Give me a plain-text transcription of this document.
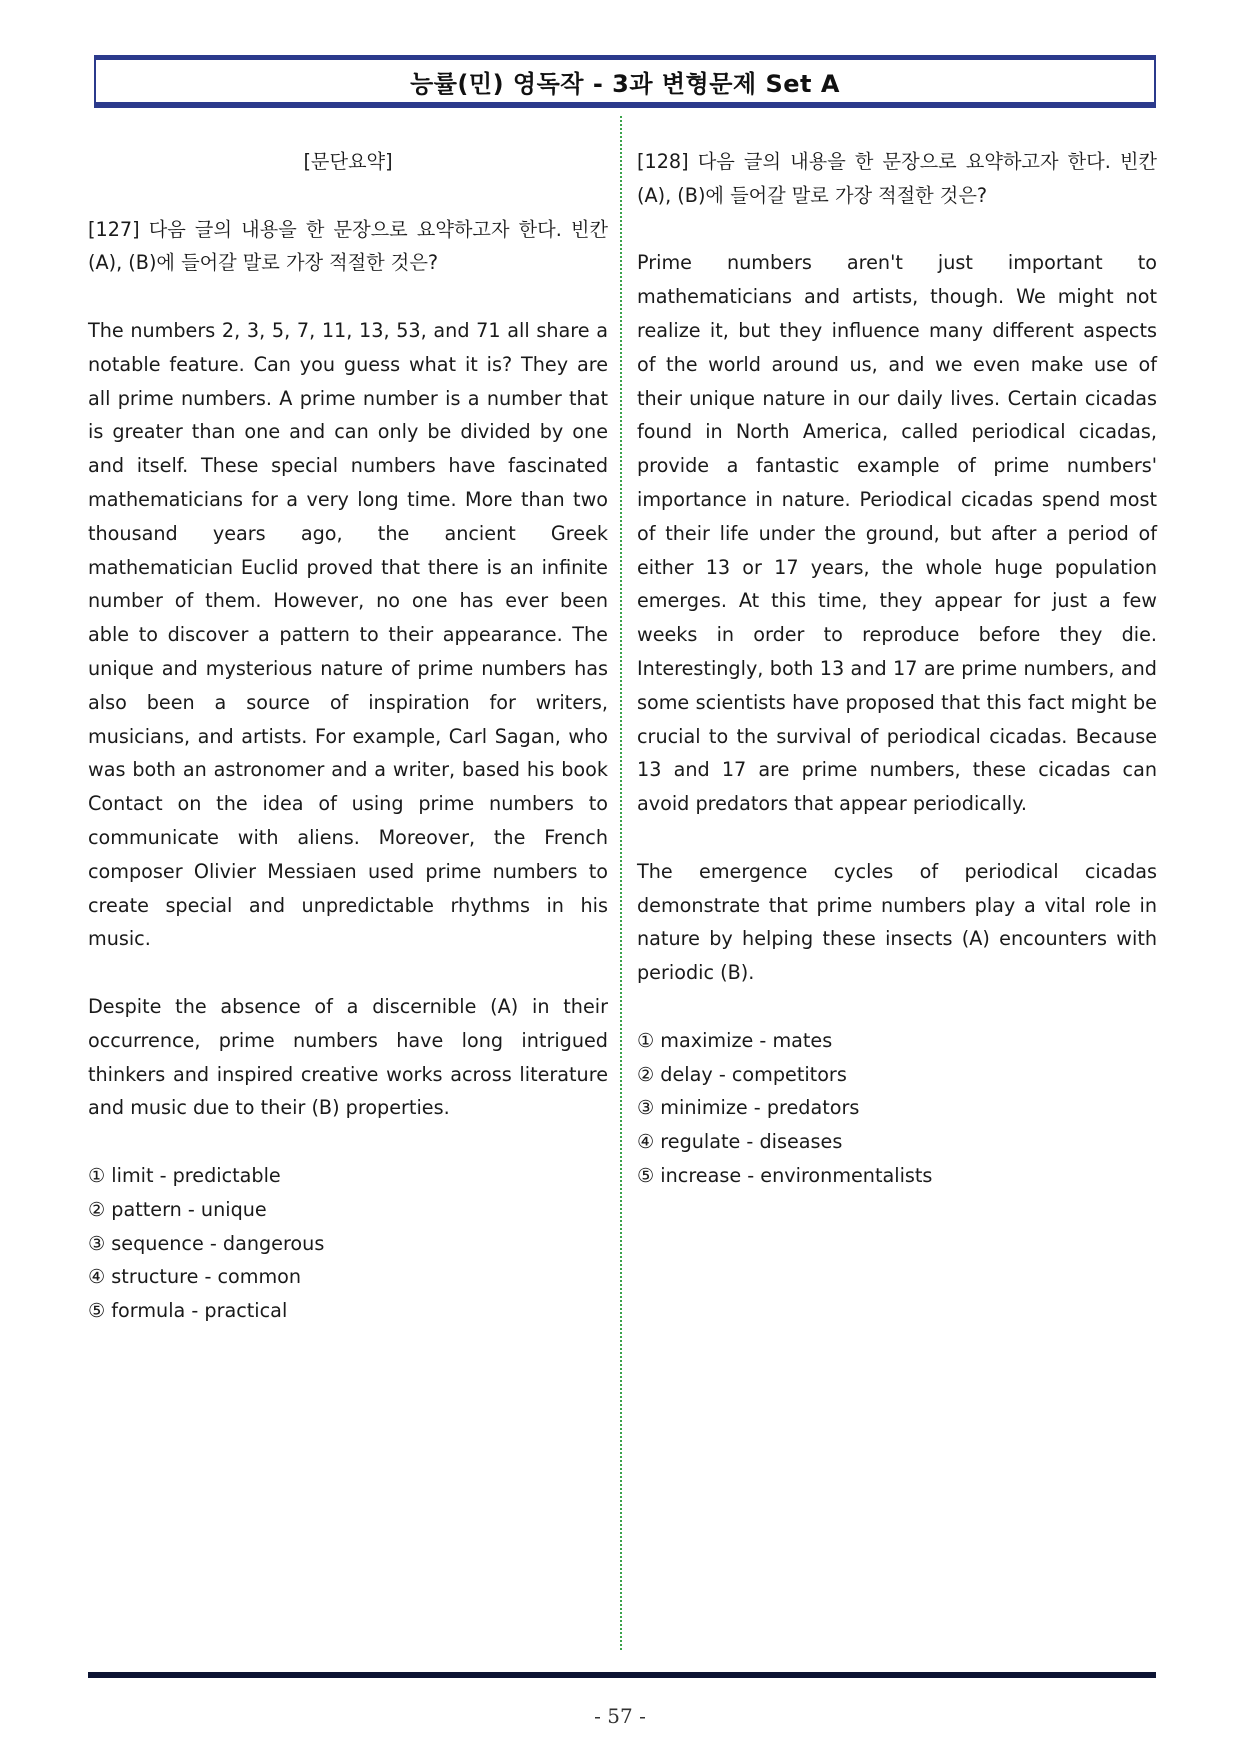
능률(민) 영독작 - 3과 변형문제 Set A

[문단요약]

[127] 다음 글의 내용을 한 문장으로 요약하고자 한다. 빈칸 (A), (B)에 들어갈 말로 가장 적절한 것은?

The numbers 2, 3, 5, 7, 11, 13, 53, and 71 all share a notable feature. Can you guess what it is? They are all prime numbers. A prime number is a number that is greater than one and can only be divided by one and itself. These special numbers have fascinated mathematicians for a very long time. More than two thousand years ago, the ancient Greek mathematician Euclid proved that there is an infinite number of them. However, no one has ever been able to discover a pattern to their appearance. The unique and mysterious nature of prime numbers has also been a source of inspiration for writers, musicians, and artists. For example, Carl Sagan, who was both an astronomer and a writer, based his book Contact on the idea of using prime numbers to communicate with aliens. Moreover, the French composer Olivier Messiaen used prime numbers to create special and unpredictable rhythms in his music.

Despite the absence of a discernible (A) in their occurrence, prime numbers have long intrigued thinkers and inspired creative works across literature and music due to their (B) properties.

① limit - predictable
② pattern - unique
③ sequence - dangerous
④ structure - common
⑤ formula - practical

[128] 다음 글의 내용을 한 문장으로 요약하고자 한다. 빈칸 (A), (B)에 들어갈 말로 가장 적절한 것은?

Prime numbers aren't just important to mathematicians and artists, though. We might not realize it, but they influence many different aspects of the world around us, and we even make use of their unique nature in our daily lives. Certain cicadas found in North America, called periodical cicadas, provide a fantastic example of prime numbers' importance in nature. Periodical cicadas spend most of their life under the ground, but after a period of either 13 or 17 years, the whole huge population emerges. At this time, they appear for just a few weeks in order to reproduce before they die. Interestingly, both 13 and 17 are prime numbers, and some scientists have proposed that this fact might be crucial to the survival of periodical cicadas. Because 13 and 17 are prime numbers, these cicadas can avoid predators that appear periodically.

The emergence cycles of periodical cicadas demonstrate that prime numbers play a vital role in nature by helping these insects (A) encounters with periodic (B).

① maximize - mates
② delay - competitors
③ minimize - predators
④ regulate - diseases
⑤ increase - environmentalists
- 57 -
